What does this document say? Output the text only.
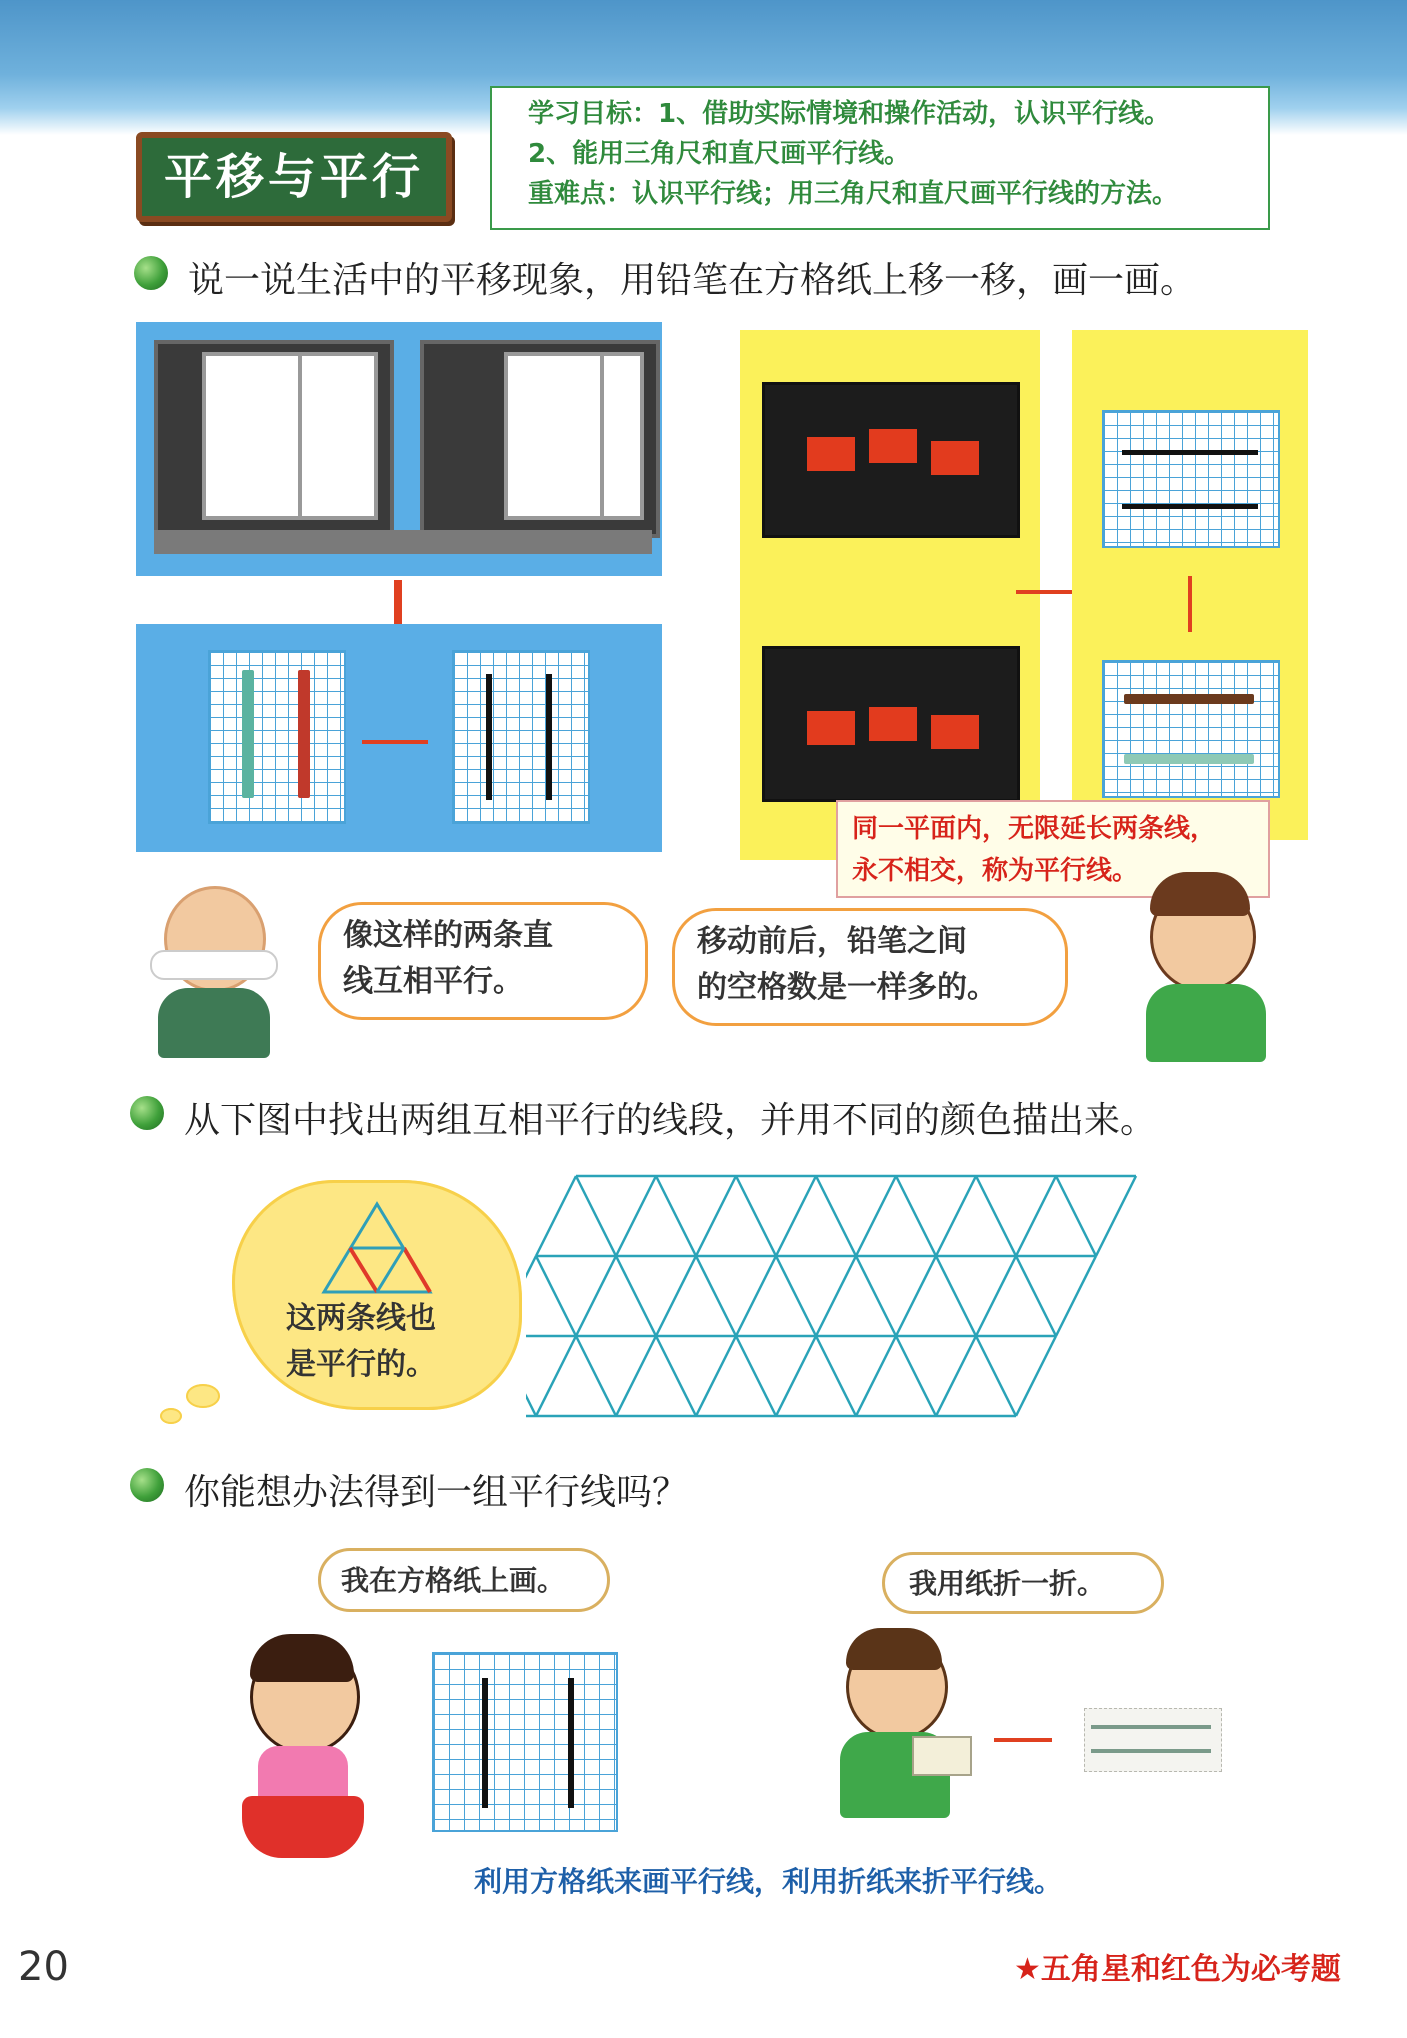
平移与平行
学习目标：1、借助实际情境和操作活动，认识平行线。
2、能用三角尺和直尺画平行线。
重难点：认识平行线；用三角尺和直尺画平行线的方法。
说一说生活中的平移现象，用铅笔在方格纸上移一移，画一画。
同一平面内，无限延长两条线，
永不相交，称为平行线。
像这样的两条直
线互相平行。
移动前后，铅笔之间
的空格数是一样多的。
从下图中找出两组互相平行的线段，并用不同的颜色描出来。
这两条线也
是平行的。
你能想办法得到一组平行线吗？
我在方格纸上画。	我用纸折一折。
利用方格纸来画平行线，利用折纸来折平行线。
20	★五角星和红色为必考题
